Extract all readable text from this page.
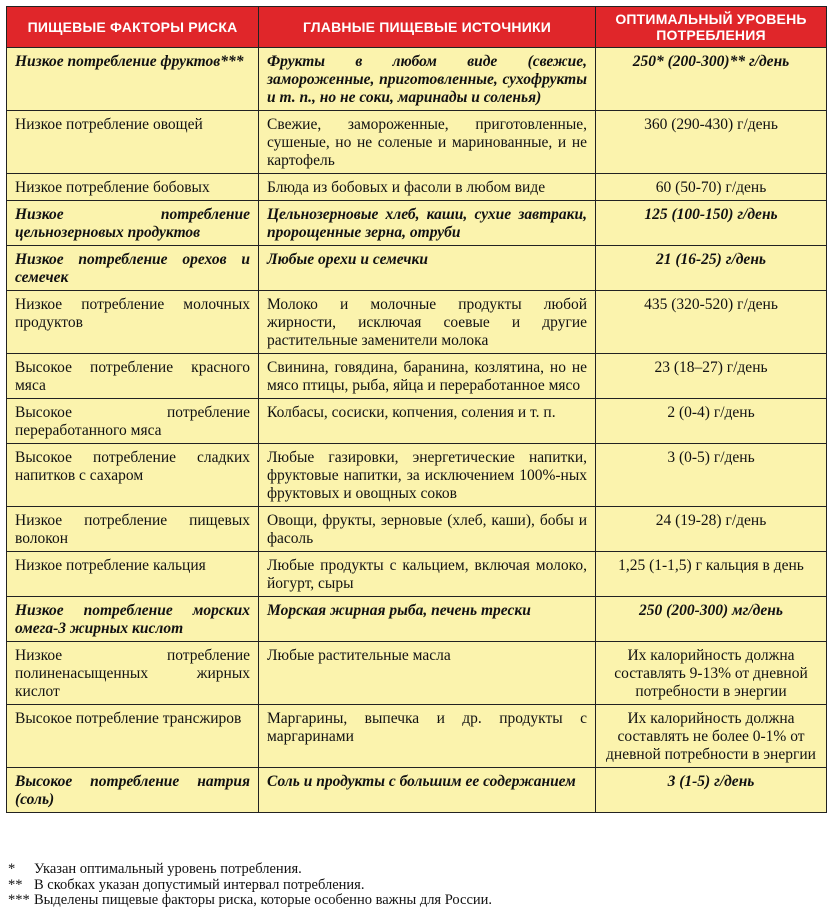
ПИЩЕВЫЕ ФАКТОРЫ РИСКА	ГЛАВНЫЕ ПИЩЕВЫЕ ИСТОЧНИКИ	ОПТИМАЛЬНЫЙ УРОВЕНЬ ПОТРЕБЛЕНИЯ
Низкое потребление фруктов***	Фрукты в любом виде (свежие, замороженные, приготовленные, сухофрукты и т. п., но не соки, маринады и соленья)	250* (200-300)** г/день
Низкое потребление овощей	Свежие, замороженные, приготовленные, сушеные, но не соленые и маринованные, и не картофель	360 (290-430) г/день
Низкое потребление бобовых	Блюда из бобовых и фасоли в любом виде	60 (50-70) г/день
Низкое потребление цельнозерновых продуктов	Цельнозерновые хлеб, каши, сухие завтраки, пророщенные зерна, отруби	125 (100-150) г/день
Низкое потребление орехов и семечек	Любые орехи и семечки	21 (16-25) г/день
Низкое потребление молочных продуктов	Молоко и молочные продукты любой жирности, исключая соевые и другие растительные заменители молока	435 (320-520) г/день
Высокое потребление красного мяса	Свинина, говядина, баранина, козлятина, но не мясо птицы, рыба, яйца и переработанное мясо	23 (18–27) г/день
Высокое потребление переработанного мяса	Колбасы, сосиски, копчения, соления и т. п.	2 (0-4) г/день
Высокое потребление сладких напитков с сахаром	Любые газировки, энергетические напитки, фруктовые напитки, за исключением 100%-ных фруктовых и овощных соков	3 (0-5) г/день
Низкое потребление пищевых волокон	Овощи, фрукты, зерновые (хлеб, каши), бобы и фасоль	24 (19-28) г/день
Низкое потребление кальция	Любые продукты с кальцием, включая молоко, йогурт, сыры	1,25 (1-1,5) г кальция в день
Низкое потребление морских омега-3 жирных кислот	Морская жирная рыба, печень трески	250 (200-300) мг/день
Низкое потребление полиненасыщенных жирных кислот	Любые растительные масла	Их калорийность должна составлять 9-13% от дневной потребности в энергии
Высокое потребление трансжиров	Маргарины, выпечка и др. продукты с маргаринами	Их калорийность должна составлять не более 0-1% от дневной потребности в энергии
Высокое потребление натрия (соль)	Соль и продукты с большим ее содержанием	3 (1-5) г/день
*	Указан оптимальный уровень потребления.
** В скобках указан допустимый интервал потребления.
*** Выделены пищевые факторы риска, которые особенно важны для России.
